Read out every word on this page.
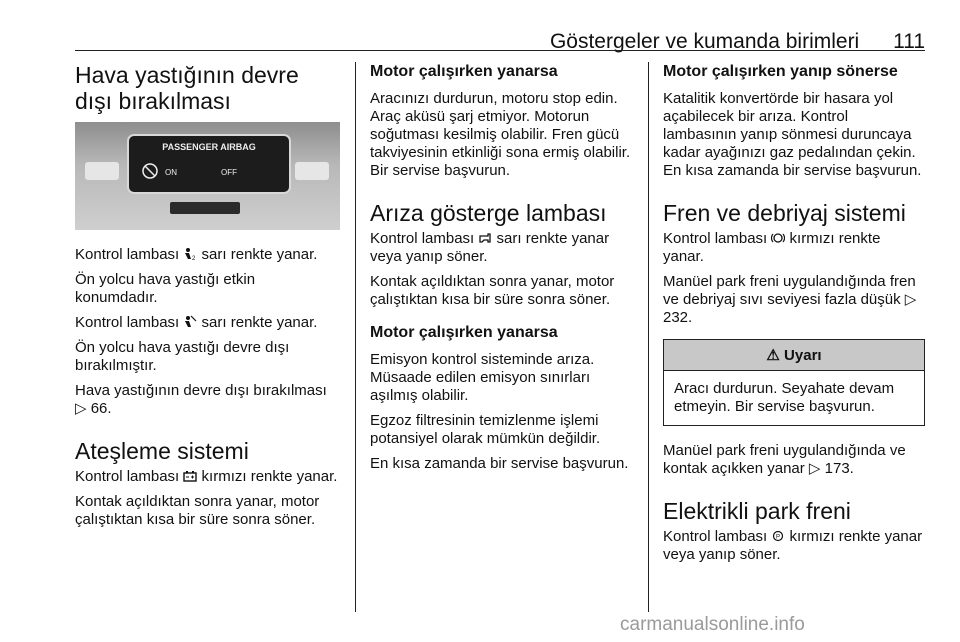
Göstergeler ve kumanda birimleri 111
Hava yastığının devre dışı bırakılması
PASSENGER AIRBAG
ON	OFF

Kontrol lambası 2 sarı renkte yanar.

Ön yolcu hava yastığı etkin konumdadır.

Kontrol lambası  sarı renkte yanar.

Ön yolcu hava yastığı devre dışı bırakılmıştır.

Hava yastığının devre dışı bırakılması ▷ 66.

Ateşleme sistemi

Kontrol lambası  kırmızı renkte yanar.

Kontak açıldıktan sonra yanar, motor çalıştıktan kısa bir süre sonra söner.

Motor çalışırken yanarsa

Aracınızı durdurun, motoru stop edin. Araç aküsü şarj etmiyor. Motorun soğutması kesilmiş olabilir. Fren gücü takviyesinin etkinliği sona ermiş olabilir. Bir servise başvurun.

Arıza gösterge lambası

Kontrol lambası  sarı renkte yanar veya yanıp söner.

Kontak açıldıktan sonra yanar, motor çalıştıktan kısa bir süre sonra söner.

Motor çalışırken yanarsa

Emisyon kontrol sisteminde arıza. Müsaade edilen emisyon sınırları aşılmış olabilir.

Egzoz filtresinin temizlenme işlemi potansiyel olarak mümkün değildir.

En kısa zamanda bir servise başvurun.

Motor çalışırken yanıp sönerse

Katalitik konvertörde bir hasara yol açabilecek bir arıza. Kontrol lambasının yanıp sönmesi duruncaya kadar ayağınızı gaz pedalından çekin. En kısa zamanda bir servise başvurun.

Fren ve debriyaj sistemi

Kontrol lambası  kırmızı renkte yanar.

Manüel park freni uygulandığında fren ve debriyaj sıvı seviyesi fazla düşük ▷ 232.

⚠ Uyarı
Aracı durdurun. Seyahate devam etmeyin. Bir servise başvurun.

Manüel park freni uygulandığında ve kontak açıkken yanar ▷ 173.

Elektrikli park freni

Kontrol lambası P kırmızı renkte yanar veya yanıp söner.

carmanualsonline.info
